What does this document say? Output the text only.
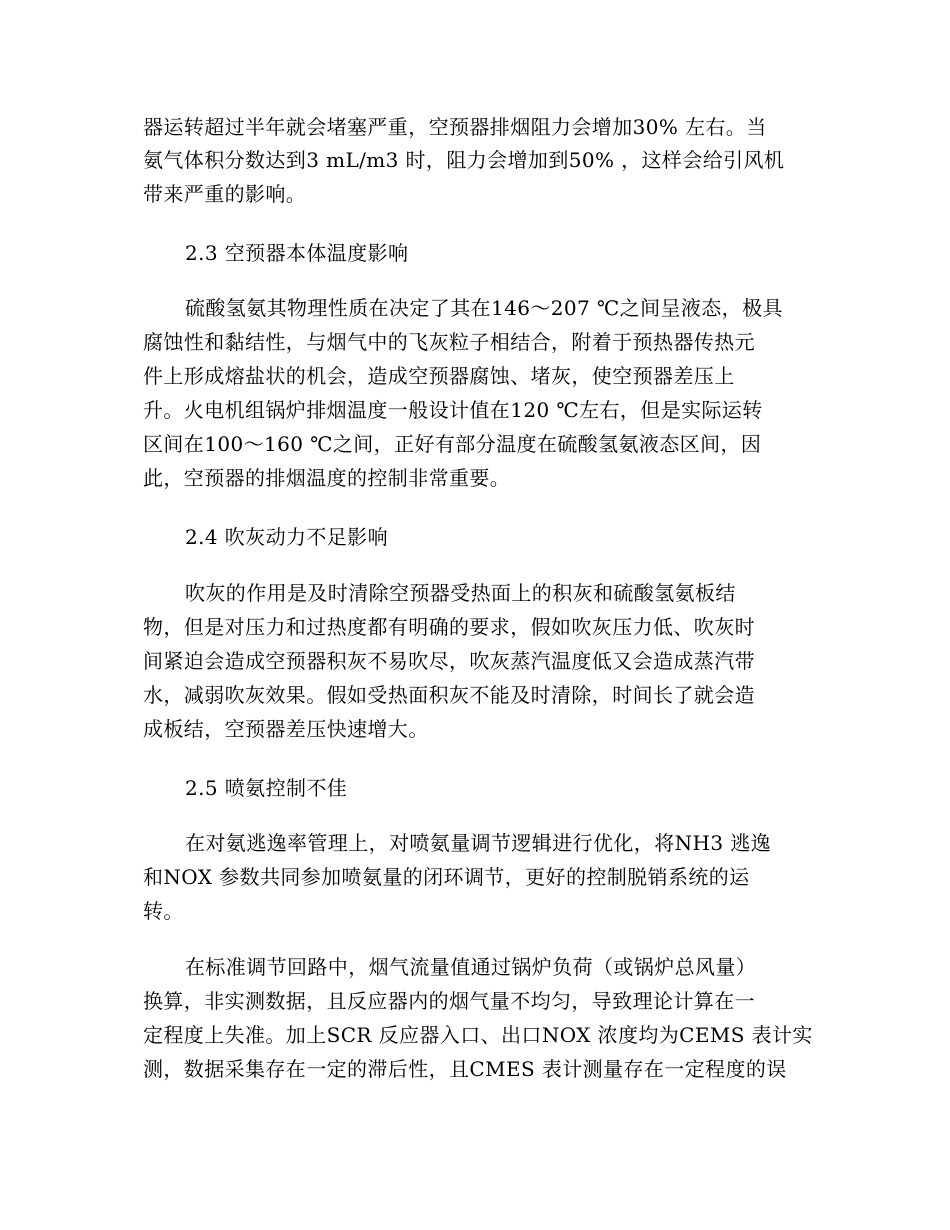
器运转超过半年就会堵塞严重，空预器排烟阻力会增加30% 左右。当
氨气体积分数达到3 mL/m3 时，阻力会增加到50% ，这样会给引风机
带来严重的影响。
2.3 空预器本体温度影响
硫酸氢氨其物理性质在决定了其在146～207 ℃之间呈液态，极具
腐蚀性和黏结性，与烟气中的飞灰粒子相结合，附着于预热器传热元
件上形成熔盐状的机会，造成空预器腐蚀、堵灰，使空预器差压上
升。火电机组锅炉排烟温度一般设计值在120 ℃左右，但是实际运转
区间在100～160 ℃之间，正好有部分温度在硫酸氢氨液态区间，因
此，空预器的排烟温度的控制非常重要。
2.4 吹灰动力不足影响
吹灰的作用是及时清除空预器受热面上的积灰和硫酸氢氨板结
物，但是对压力和过热度都有明确的要求，假如吹灰压力低、吹灰时
间紧迫会造成空预器积灰不易吹尽，吹灰蒸汽温度低又会造成蒸汽带
水，减弱吹灰效果。假如受热面积灰不能及时清除，时间长了就会造
成板结，空预器差压快速增大。
2.5 喷氨控制不佳
在对氨逃逸率管理上，对喷氨量调节逻辑进行优化，将NH3 逃逸
和NOX 参数共同参加喷氨量的闭环调节，更好的控制脱销系统的运
转。
在标准调节回路中，烟气流量值通过锅炉负荷（或锅炉总风量）
换算，非实测数据，且反应器内的烟气量不均匀，导致理论计算在一
定程度上失准。加上SCR 反应器入口、出口NOX 浓度均为CEMS 表计实
测，数据采集存在一定的滞后性，且CMES 表计测量存在一定程度的误
